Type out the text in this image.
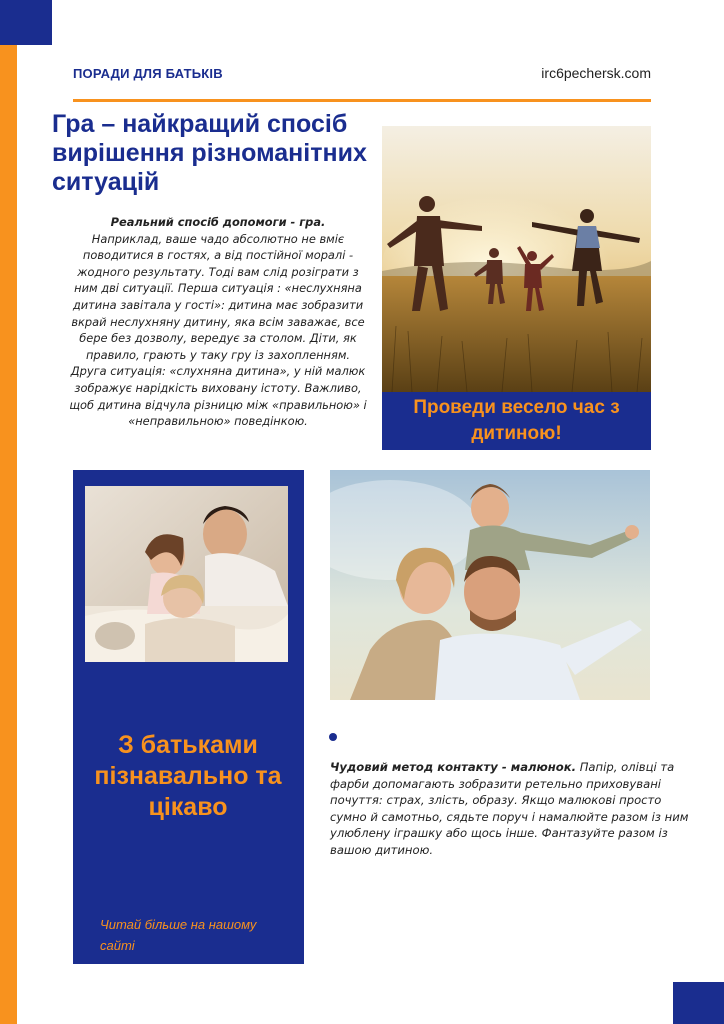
ПОРАДИ ДЛЯ БАТЬКІВ	irc6pechersk.com
Гра – найкращий спосіб вирішення різноманітних ситуацій

Реальний спосіб допомоги - гра.
Наприклад, ваше чадо абсолютно не вміє поводитися в гостях, а від постійної моралі - жодного результату. Тоді вам слід розіграти з ним дві ситуації. Перша ситуація : «неслухняна дитина завітала у гості»: дитина має зобразити вкрай неслухняну дитину, яка всім заважає, все бере без дозволу, вередує за столом. Діти, як правило, грають у таку гру із захопленням. Друга ситуація: «слухняна дитина», у ній малюк зображує нарідкість виховану істоту. Важливо, щоб дитина відчула різницю між «правильною» і «неправильною» поведінкою.

Проведи весело час з дитиною!
З батьками пізнавально та цікаво
Читай більше на нашому сайті

Чудовий метод контакту - малюнок. Папір, олівці та фарби допомагають зобразити ретельно приховувані почуття: страх, злість, образу. Якщо малюкові просто сумно й самотньо, сядьте поруч і намалюйте разом із ним улюблену іграшку або щось інше. Фантазуйте разом із вашою дитиною.
